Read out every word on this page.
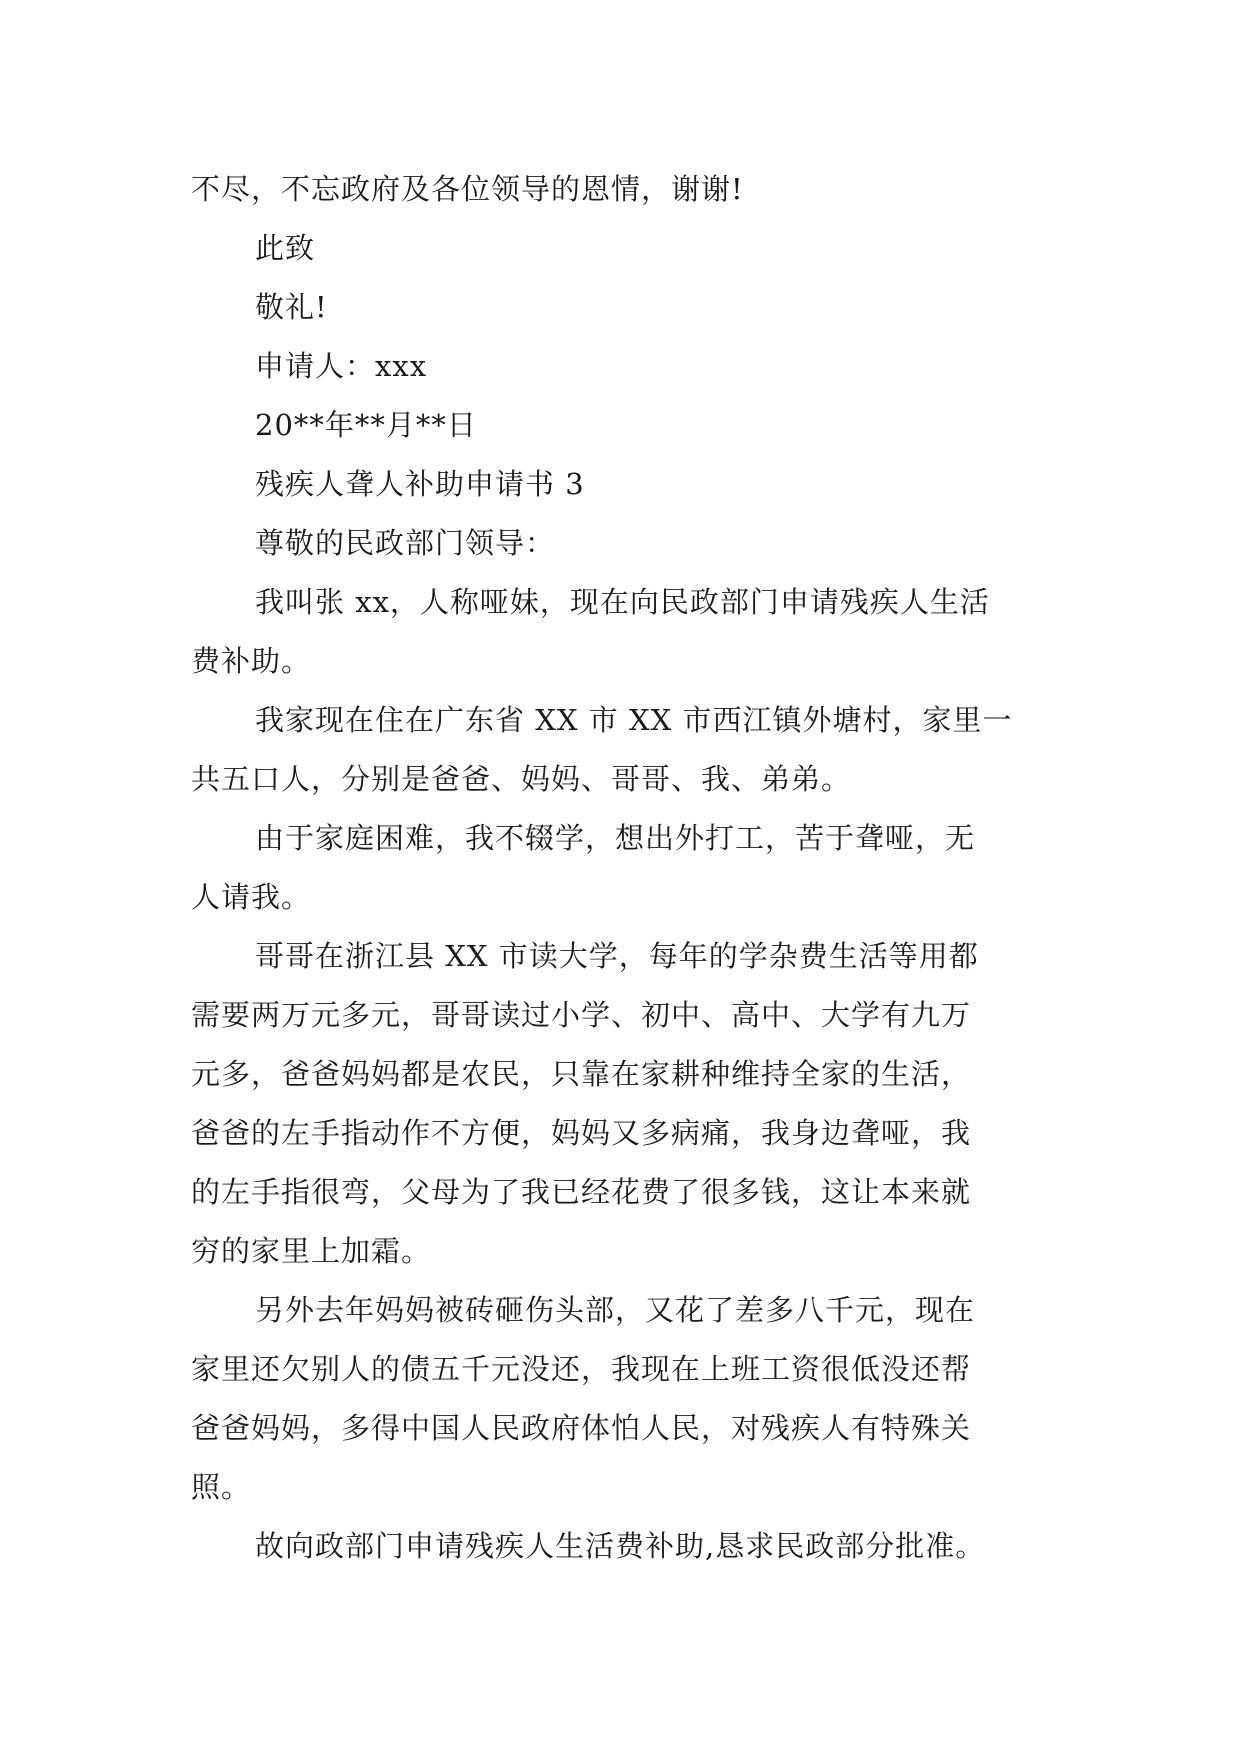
不尽，不忘政府及各位领导的恩情，谢谢!
此致
敬礼!
申请人：xxx
20**年**月**日
残疾人聋人补助申请书 3
尊敬的民政部门领导：
我叫张 xx，人称哑妹，现在向民政部门申请残疾人生活
费补助。
我家现在住在广东省 XX 市 XX 市西江镇外塘村，家里一
共五口人，分别是爸爸、妈妈、哥哥、我、弟弟。
由于家庭困难，我不辍学，想出外打工，苦于聋哑，无
人请我。
哥哥在浙江县 XX 市读大学，每年的学杂费生活等用都
需要两万元多元，哥哥读过小学、初中、高中、大学有九万
元多，爸爸妈妈都是农民，只靠在家耕种维持全家的生活，
爸爸的左手指动作不方便，妈妈又多病痛，我身边聋哑，我
的左手指很弯，父母为了我已经花费了很多钱，这让本来就
穷的家里上加霜。
另外去年妈妈被砖砸伤头部，又花了差多八千元，现在
家里还欠别人的债五千元没还，我现在上班工资很低没还帮
爸爸妈妈，多得中国人民政府体怕人民，对残疾人有特殊关
照。
故向政部门申请残疾人生活费补助,恳求民政部分批准。
